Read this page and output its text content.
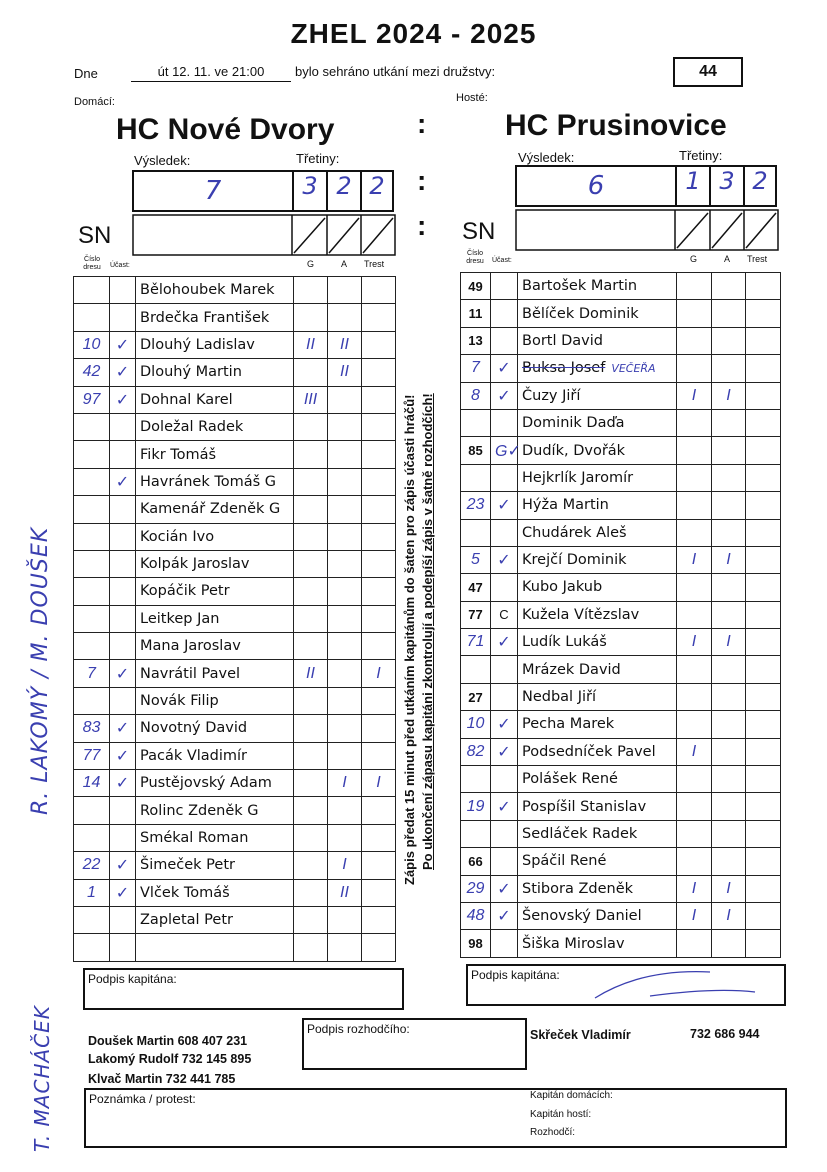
ZHEL 2024 - 2025
Dne	út 12. 11. ve 21:00	bylo sehráno utkání mezi družstvy:	44
Domácí:	Hosté:
HC Nové Dvory	HC Prusinovice
:
:
:
Výsledek:	Třetiny:
7	3 2 2
Výsledek:	Třetiny:
6	1 3 2
SN	SN
Číslo dresu	Účast:	G	A Trest
Číslo dresu	Účast:	G	A Trest
		Bělohoubek Marek			
		Brdečka František			
10	✓	Dlouhý Ladislav	II	II	
42	✓	Dlouhý Martin		II	
97	✓	Dohnal Karel	III		
		Doležal Radek			
		Fikr Tomáš			
	✓	Havránek Tomáš G			
		Kamenář Zdeněk G			
		Kocián Ivo			
		Kolpák Jaroslav			
		Kopáčik Petr			
		Leitkep Jan			
		Mana Jaroslav			
7	✓	Navrátil Pavel	II		I
		Novák Filip			
83	✓	Novotný David			
77	✓	Pacák Vladimír			
14	✓	Pustějovský Adam		I	I
		Rolinc Zdeněk G			
		Smékal Roman			
22	✓	Šimeček Petr		I	
1	✓	Vlček Tomáš		II	
		Zapletal Petr			

49		Bartošek Martin			
11		Bělíček Dominik			
13		Bortl David			
7	✓	Buksa Josef VEČEŘA			
8	✓	Čuzy Jiří	I	I	
		Dominik Daďa			
85	G✓	Dudík, Dvořák			
		Hejkrlík Jaromír			
23	✓	Hýža Martin			
		Chudárek Aleš			
5	✓	Krejčí Dominik	I	I	
47		Kubo Jakub			
77	C	Kužela Vítězslav			
71	✓	Ludík Lukáš	I	I	
		Mrázek David			
27		Nedbal Jiří			
10	✓	Pecha Marek			
82	✓	Podsedníček Pavel	I		
		Polášek René			
19	✓	Pospíšil Stanislav			
		Sedláček Radek			
66		Spáčil René			
29	✓	Stibora Zdeněk	I	I	
48	✓	Šenovský Daniel	I	I	
98		Šiška Miroslav			
Zápis předat 15 minut před utkáním kapitánům do šaten pro zápis účasti hráčů! Po ukončení zápasu kapitáni zkontrolují a podepíší zápis v šatně rozhodčích!
R. LAKOMÝ / M. DOUŠEK
T. MACHÁČEK
Podpis kapitána:	Podpis kapitána:
Doušek Martin 608 407 231
Lakomý Rudolf 732 145 895
Klvač Martin 732 441 785
Podpis rozhodčího:	Skřeček Vladimír	732 686 944
Poznámka / protest:	Kapitán domácích:
Kapitán hostí:
Rozhodčí:
